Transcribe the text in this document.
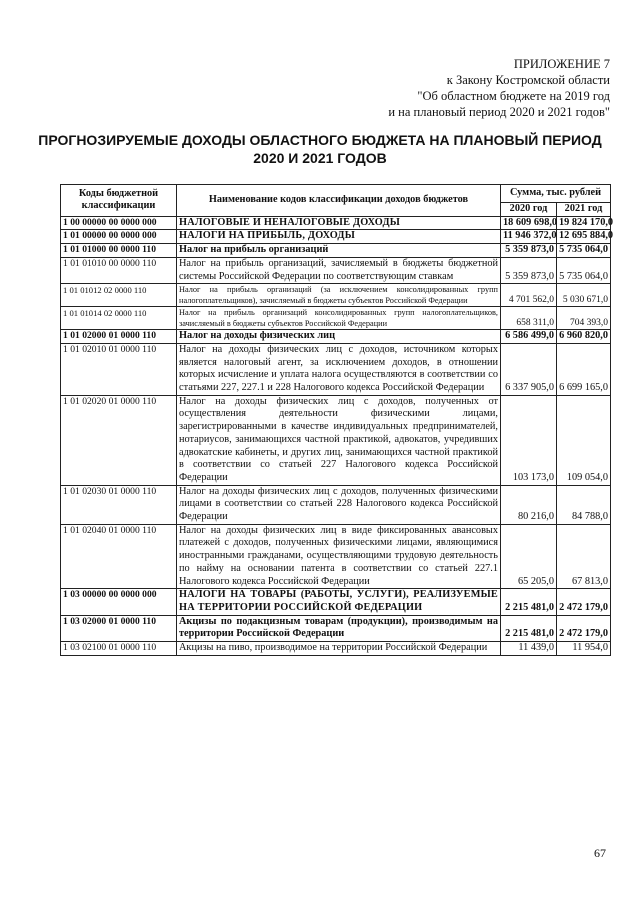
ПРИЛОЖЕНИЕ 7
к Закону Костромской области
"Об областном бюджете на 2019 год
и на плановый период 2020 и 2021 годов"
ПРОГНОЗИРУЕМЫЕ ДОХОДЫ ОБЛАСТНОГО БЮДЖЕТА НА ПЛАНОВЫЙ ПЕРИОД
2020 И 2021 ГОДОВ
Коды бюджетной классификации	Наименование кодов классификации доходов бюджетов	Сумма, тыс. рублей	
		2020 год	2021 год
1 00 00000 00 0000 000	НАЛОГОВЫЕ И НЕНАЛОГОВЫЕ ДОХОДЫ	18 609 698,0	19 824 170,0
1 01 00000 00 0000 000	НАЛОГИ НА ПРИБЫЛЬ, ДОХОДЫ	11 946 372,0	12 695 884,0
1 01 01000 00 0000 110	Налог на прибыль организаций	5 359 873,0	5 735 064,0
1 01 01010 00 0000 110	Налог на прибыль организаций, зачисляемый в бюджеты бюджетной системы Российской Федерации по соответствующим ставкам	5 359 873,0	5 735 064,0
1 01 01012 02 0000 110	Налог на прибыль организаций (за исключением консолидированных групп налогоплательщиков), зачисляемый в бюджеты субъектов Российской Федерации	4 701 562,0	5 030 671,0
1 01 01014 02 0000 110	Налог на прибыль организаций консолидированных групп налогоплательщиков, зачисляемый в бюджеты субъектов Российской Федерации	658 311,0	704 393,0
1 01 02000 01 0000 110	Налог на доходы физических лиц	6 586 499,0	6 960 820,0
1 01 02010 01 0000 110	Налог на доходы физических лиц с доходов, источником которых является налоговый агент, за исключением доходов, в отношении которых исчисление и уплата налога осуществляются в соответствии со статьями 227, 227.1 и 228 Налогового кодекса Российской Федерации	6 337 905,0	6 699 165,0
1 01 02020 01 0000 110	Налог на доходы физических лиц с доходов, полученных от осуществления деятельности физическими лицами, зарегистрированными в качестве индивидуальных предпринимателей, нотариусов, занимающихся частной практикой, адвокатов, учредивших адвокатские кабинеты, и других лиц, занимающихся частной практикой в соответствии со статьей 227 Налогового кодекса Российской Федерации	103 173,0	109 054,0
1 01 02030 01 0000 110	Налог на доходы физических лиц с доходов, полученных физическими лицами в соответствии со статьей 228 Налогового кодекса Российской Федерации	80 216,0	84 788,0
1 01 02040 01 0000 110	Налог на доходы физических лиц в виде фиксированных авансовых платежей с доходов, полученных физическими лицами, являющимися иностранными гражданами, осуществляющими трудовую деятельность по найму на основании патента в соответствии со статьей 227.1 Налогового кодекса Российской Федерации	65 205,0	67 813,0
1 03 00000 00 0000 000	НАЛОГИ НА ТОВАРЫ (РАБОТЫ, УСЛУГИ), РЕАЛИЗУЕМЫЕ НА ТЕРРИТОРИИ РОССИЙСКОЙ ФЕДЕРАЦИИ	2 215 481,0	2 472 179,0
1 03 02000 01 0000 110	Акцизы по подакцизным товарам (продукции), производимым на территории Российской Федерации	2 215 481,0	2 472 179,0
1 03 02100 01 0000 110	Акцизы на пиво, производимое на территории Российской Федерации	11 439,0	11 954,0
67
